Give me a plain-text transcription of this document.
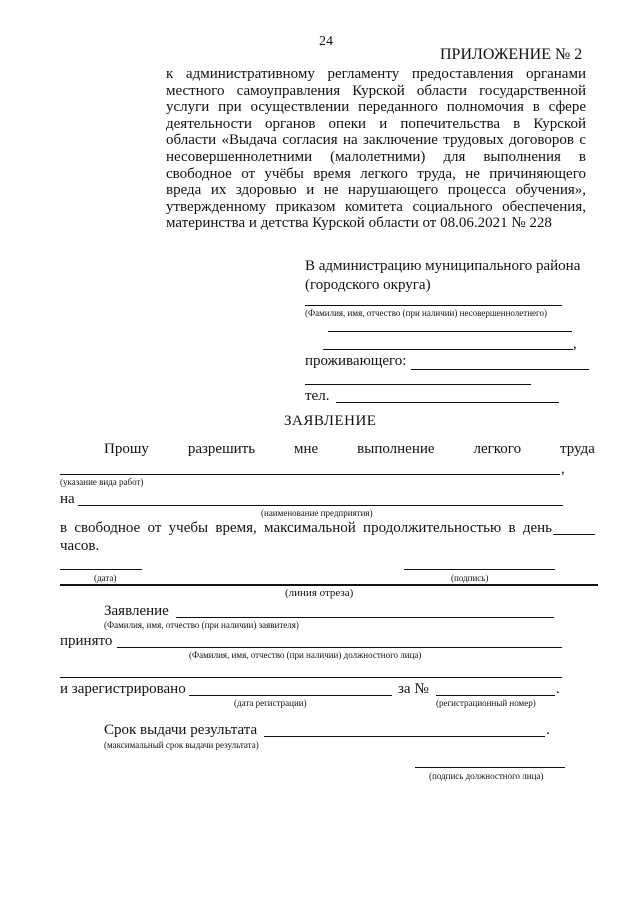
24
ПРИЛОЖЕНИЕ № 2
к административному регламенту предоставления органами
местного самоуправления Курской области государственной
услуги при осуществлении переданного полномочия в сфере
деятельности органов опеки и попечительства в Курской
области «Выдача согласия на заключение трудовых договоров с
несовершеннолетними (малолетними) для выполнения в
свободное от учёбы время легкого труда, не причиняющего
вреда их здоровью и не нарушающего процесса обучения»,
утвержденному приказом комитета социального обеспечения,
материнства и детства Курской области от 08.06.2021 № 228
В администрацию муниципального района
(городского округа)
(Фамилия, имя, отчество (при наличии) несовершеннолетнего)
,
проживающего:
тел.
ЗАЯВЛЕНИЕ
Прошу	разрешить	мне	выполнение	легкого	труда
,
(указание вида работ)
на
(наименование предприятия)
в свободное от учебы время, максимальной продолжительностью в день
часов.
(дата)	(подпись)
(линия отреза)
Заявление
(Фамилия, имя, отчество (при наличии) заявителя)
принято
(Фамилия, имя, отчество (при наличии) должностного лица)
и зарегистрировано	за №	.
(дата регистрации)	(регистрационный номер)
Срок выдачи результата	.
(максимальный срок выдачи результата)
(подпись должностного лица)
